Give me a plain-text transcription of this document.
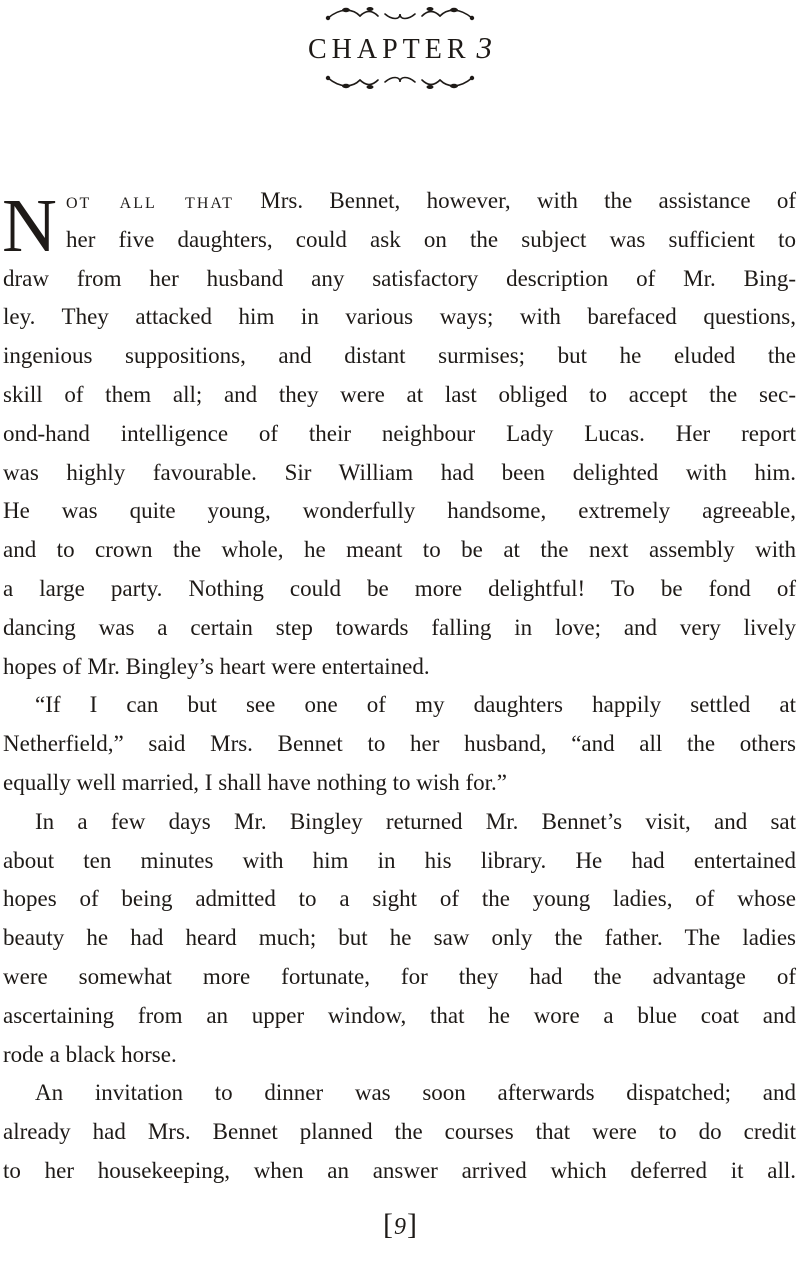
CHAPTER 3
N ot all that Mrs. Bennet, however, with the assistance of
her five daughters, could ask on the subject was sufficient to
draw from her husband any satisfactory description of Mr. Bing-
ley. They attacked him in various ways; with barefaced questions,
ingenious suppositions, and distant surmises; but he eluded the
skill of them all; and they were at last obliged to accept the sec-
ond-hand intelligence of their neighbour Lady Lucas. Her report
was highly favourable. Sir William had been delighted with him.
He was quite young, wonderfully handsome, extremely agreeable,
and to crown the whole, he meant to be at the next assembly with
a large party. Nothing could be more delightful! To be fond of
dancing was a certain step towards falling in love; and very lively
hopes of Mr. Bingley’s heart were entertained.
“If I can but see one of my daughters happily settled at
Netherfield,” said Mrs. Bennet to her husband, “and all the others
equally well married, I shall have nothing to wish for.”
In a few days Mr. Bingley returned Mr. Bennet’s visit, and sat
about ten minutes with him in his library. He had entertained
hopes of being admitted to a sight of the young ladies, of whose
beauty he had heard much; but he saw only the father. The ladies
were somewhat more fortunate, for they had the advantage of
ascertaining from an upper window, that he wore a blue coat and
rode a black horse.
An invitation to dinner was soon afterwards dispatched; and
already had Mrs. Bennet planned the courses that were to do credit
to her housekeeping, when an answer arrived which deferred it all.
[9]
